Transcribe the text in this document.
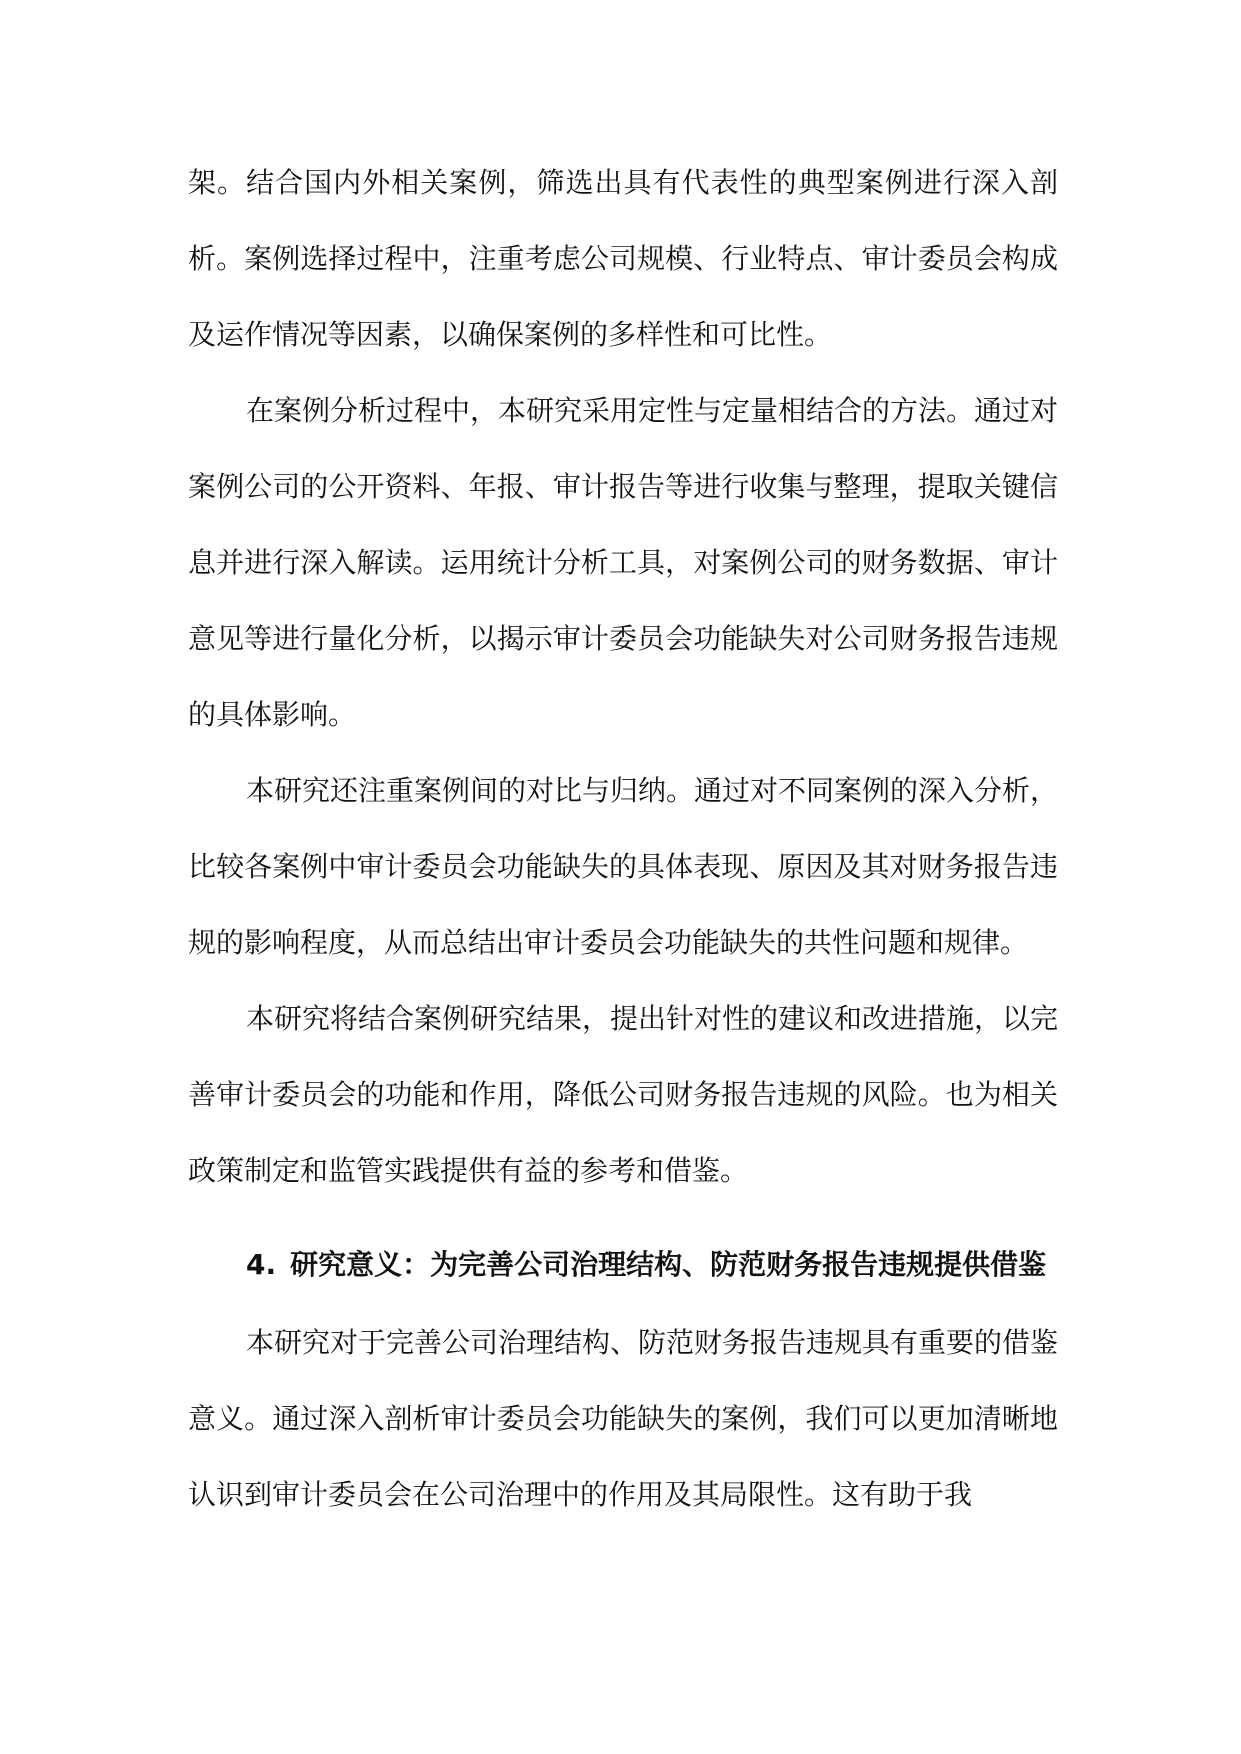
架。结合国内外相关案例，筛选出具有代表性的典型案例进行深入剖析。案例选择过程中，注重考虑公司规模、行业特点、审计委员会构成及运作情况等因素，以确保案例的多样性和可比性。

在案例分析过程中，本研究采用定性与定量相结合的方法。通过对案例公司的公开资料、年报、审计报告等进行收集与整理，提取关键信息并进行深入解读。运用统计分析工具，对案例公司的财务数据、审计意见等进行量化分析，以揭示审计委员会功能缺失对公司财务报告违规的具体影响。

本研究还注重案例间的对比与归纳。通过对不同案例的深入分析，比较各案例中审计委员会功能缺失的具体表现、原因及其对财务报告违规的影响程度，从而总结出审计委员会功能缺失的共性问题和规律。

本研究将结合案例研究结果，提出针对性的建议和改进措施，以完善审计委员会的功能和作用，降低公司财务报告违规的风险。也为相关政策制定和监管实践提供有益的参考和借鉴。

4. 研究意义：为完善公司治理结构、防范财务报告违规提供借鉴

本研究对于完善公司治理结构、防范财务报告违规具有重要的借鉴意义。通过深入剖析审计委员会功能缺失的案例，我们可以更加清晰地认识到审计委员会在公司治理中的作用及其局限性。这有助于我
